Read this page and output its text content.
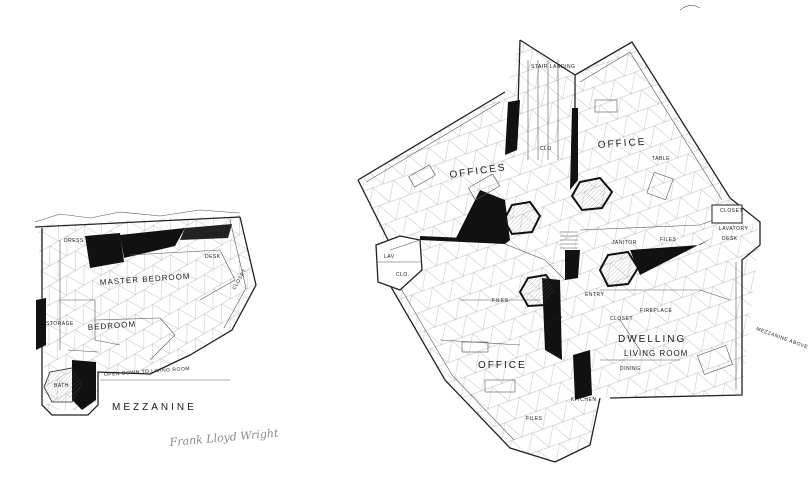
MASTER BEDROOM
BEDROOM
BATH
OPEN DOWN TO LIVING ROOM
STORAGE
TABLE
DESK
DRESS
CLOSET
MEZZANINE
Frank Lloyd Wright
STAIR LANDING
OFFICE
OFFICES
OFFICE
DWELLING
LIVING ROOM
KITCHEN
ENTRY
LAV
CLO.
LAVATORY
CLOSET
JANITOR	FILES
FILES
FILES
DESK
FIREPLACE
DINING
MEZZANINE ABOVE
CLOSET
TABLE
LAV
CLO
